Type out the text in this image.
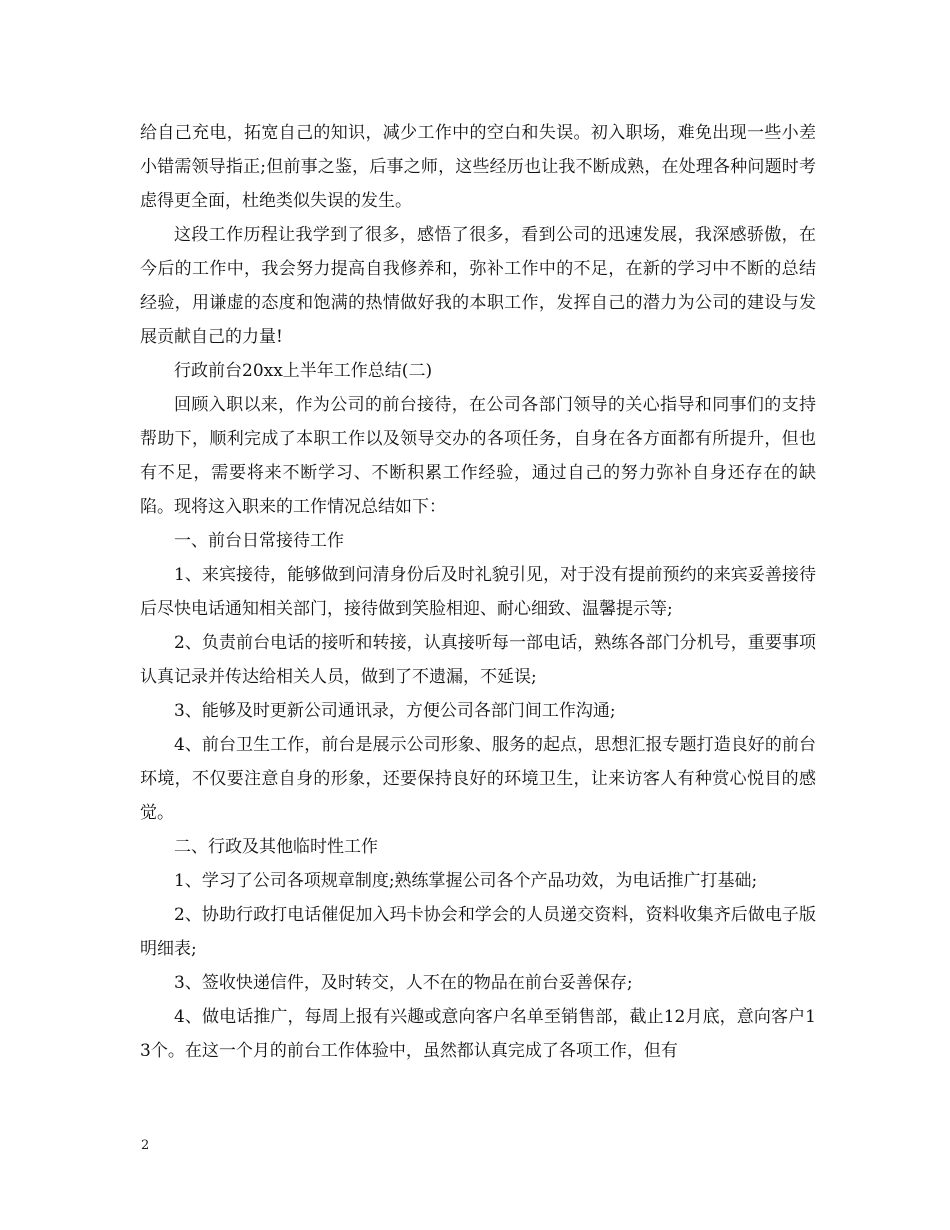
给自己充电，拓宽自己的知识，减少工作中的空白和失误。初入职场，难免出现一些小差小错需领导指正;但前事之鉴，后事之师，这些经历也让我不断成熟，在处理各种问题时考虑得更全面，杜绝类似失误的发生。

这段工作历程让我学到了很多，感悟了很多，看到公司的迅速发展，我深感骄傲，在今后的工作中，我会努力提高自我修养和，弥补工作中的不足，在新的学习中不断的总结经验，用谦虚的态度和饱满的热情做好我的本职工作，发挥自己的潜力为公司的建设与发展贡献自己的力量!

行政前台20xx上半年工作总结(二)

回顾入职以来，作为公司的前台接待，在公司各部门领导的关心指导和同事们的支持帮助下，顺利完成了本职工作以及领导交办的各项任务，自身在各方面都有所提升，但也有不足，需要将来不断学习、不断积累工作经验，通过自己的努力弥补自身还存在的缺陷。现将这入职来的工作情况总结如下：

一、前台日常接待工作

1、来宾接待，能够做到问清身份后及时礼貌引见，对于没有提前预约的来宾妥善接待后尽快电话通知相关部门，接待做到笑脸相迎、耐心细致、温馨提示等;

2、负责前台电话的接听和转接，认真接听每一部电话，熟练各部门分机号，重要事项认真记录并传达给相关人员，做到了不遗漏，不延误;

3、能够及时更新公司通讯录，方便公司各部门间工作沟通;

4、前台卫生工作，前台是展示公司形象、服务的起点，思想汇报专题打造良好的前台环境，不仅要注意自身的形象，还要保持良好的环境卫生，让来访客人有种赏心悦目的感觉。

二、行政及其他临时性工作

1、学习了公司各项规章制度;熟练掌握公司各个产品功效，为电话推广打基础;

2、协助行政打电话催促加入玛卡协会和学会的人员递交资料，资料收集齐后做电子版明细表;

3、签收快递信件，及时转交，人不在的物品在前台妥善保存;

4、做电话推广，每周上报有兴趣或意向客户名单至销售部，截止12月底，意向客户13个。在这一个月的前台工作体验中，虽然都认真完成了各项工作，但有

2
